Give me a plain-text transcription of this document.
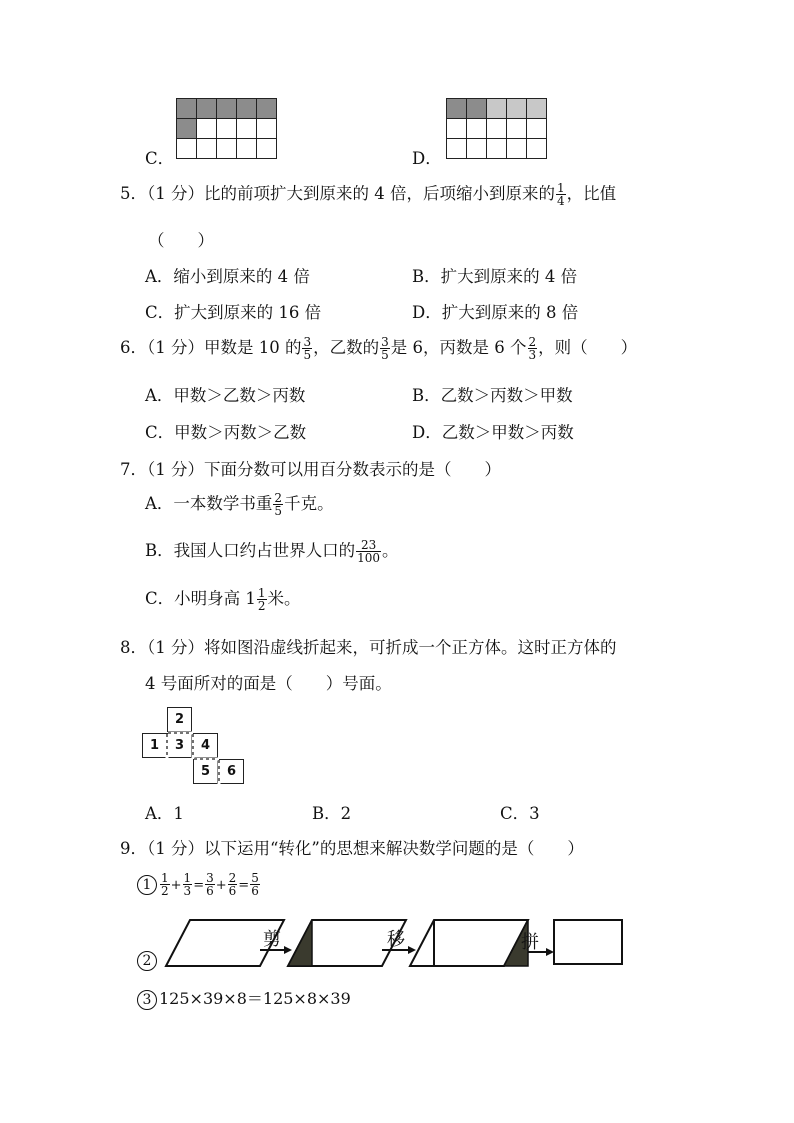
C．	D．
5．（1 分）比的前项扩大到原来的 4 倍，后项缩小到原来的 $\frac{1}{4}$ ，比值
（　　）
A．缩小到原来的 4 倍	B．扩大到原来的 4 倍
C．扩大到原来的 16 倍	D．扩大到原来的 8 倍
6．（1 分）甲数是 10 的 $\frac{3}{5}$ ，乙数的 $\frac{3}{5}$ 是 6，丙数是 6 个 $\frac{2}{3}$ ，则（　　）
A．甲数＞乙数＞丙数	B．乙数＞丙数＞甲数
C．甲数＞丙数＞乙数	D．乙数＞甲数＞丙数
7．（1 分）下面分数可以用百分数表示的是（　　）
A．一本数学书重 $\frac{2}{5}$ 千克。
B．我国人口约占世界人口的 $\frac{23}{100}$ 。
C．小明身高 $1 \frac{1}{2}$ 米。
8．（1 分）将如图沿虚线折起来，可折成一个正方体。这时正方体的
4 号面所对的面是（　　）号面。
1
2
3	4
5	6
A．1	B．2	C．3
9．（1 分）以下运用“转化”的思想来解决数学问题的是（　　）
$1 \frac{1}{2} + \frac{1}{3} = \frac{3}{6} + \frac{2}{6} = \frac{5}{6}$
2
剪	移	拼
3 125×39×8＝125×8×39
